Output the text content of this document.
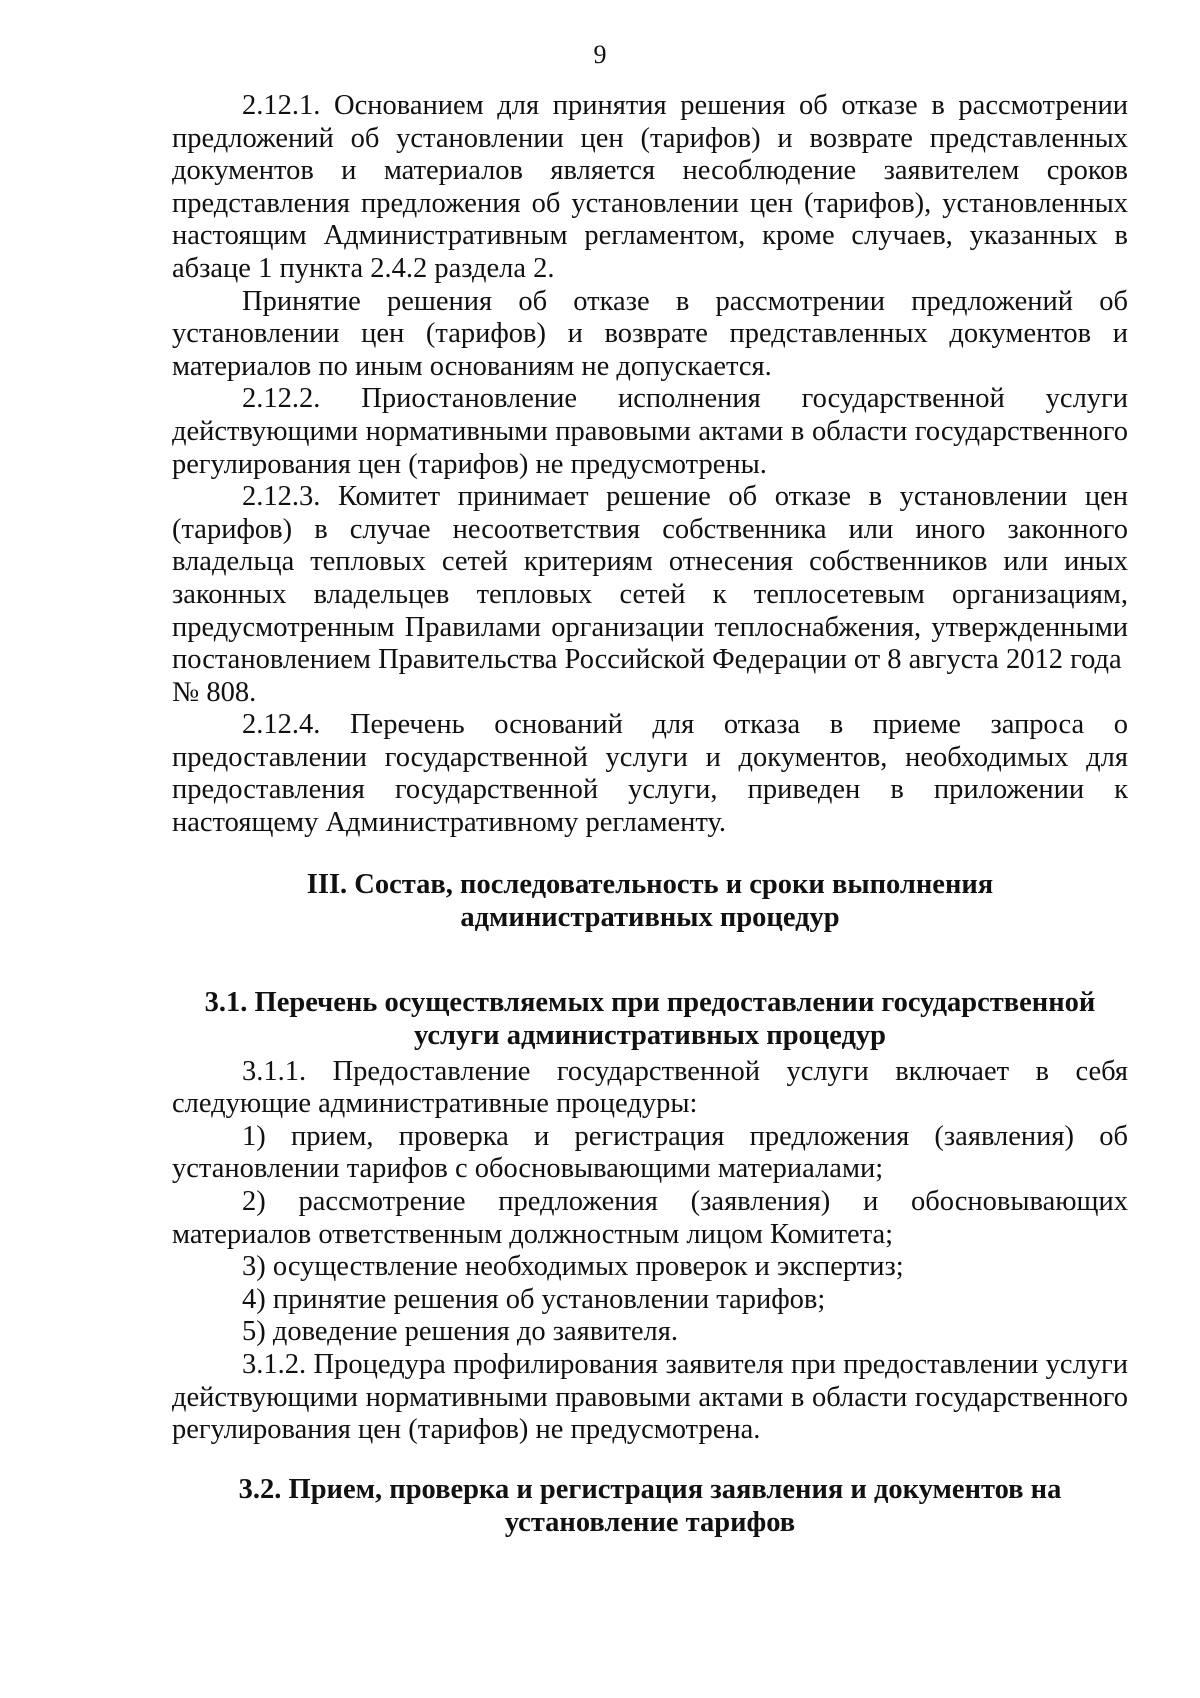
9

2.12.1. Основанием для принятия решения об отказе в рассмотрении предложений об установлении цен (тарифов) и возврате представленных документов и материалов является несоблюдение заявителем сроков представления предложения об установлении цен (тарифов), установленных настоящим Административным регламентом, кроме случаев, указанных в абзаце 1 пункта 2.4.2 раздела 2.

Принятие решения об отказе в рассмотрении предложений об установлении цен (тарифов) и возврате представленных документов и материалов по иным основаниям не допускается.

2.12.2. Приостановление исполнения государственной услуги действующими нормативными правовыми актами в области государственного регулирования цен (тарифов) не предусмотрены.

2.12.3. Комитет принимает решение об отказе в установлении цен (тарифов) в случае несоответствия собственника или иного законного владельца тепловых сетей критериям отнесения собственников или иных законных владельцев тепловых сетей к теплосетевым организациям, предусмотренным Правилами организации теплоснабжения, утвержденными постановлением Правительства Российской Федерации от 8 августа 2012 года

№ 808.

2.12.4. Перечень оснований для отказа в приеме запроса о предоставлении государственной услуги и документов, необходимых для предоставления государственной услуги, приведен в приложении к настоящему Административному регламенту.

III. Состав, последовательность и сроки выполнения
административных процедур
3.1. Перечень осуществляемых при предоставлении государственной
услуги административных процедур

3.1.1. Предоставление государственной услуги включает в себя следующие административные процедуры:

1) прием, проверка и регистрация предложения (заявления) об установлении тарифов с обосновывающими материалами;

2) рассмотрение предложения (заявления) и обосновывающих материалов ответственным должностным лицом Комитета;

3) осуществление необходимых проверок и экспертиз;

4) принятие решения об установлении тарифов;

5) доведение решения до заявителя.

3.1.2. Процедура профилирования заявителя при предоставлении услуги действующими нормативными правовыми актами в области государственного регулирования цен (тарифов) не предусмотрена.

3.2. Прием, проверка и регистрация заявления и документов на
установление тарифов
